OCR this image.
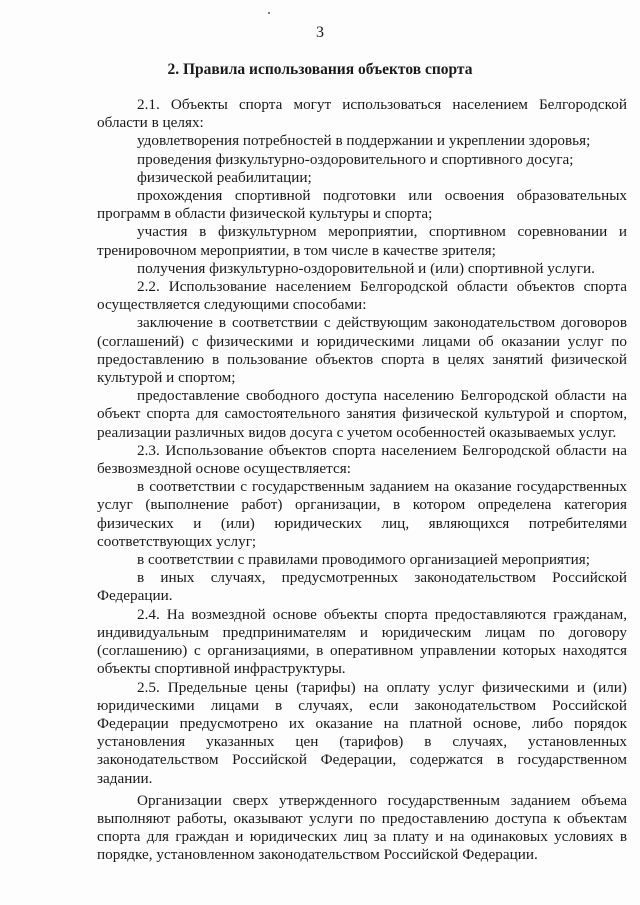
3
2. Правила использования объектов спорта

2.1. Объекты спорта могут использоваться населением Белгородской области в целях:

удовлетворения потребностей в поддержании и укреплении здоровья;

проведения физкультурно-оздоровительного и спортивного досуга;

физической реабилитации;

прохождения спортивной подготовки или освоения образовательных программ в области физической культуры и спорта;

участия в физкультурном мероприятии, спортивном соревновании и тренировочном мероприятии, в том числе в качестве зрителя;

получения физкультурно-оздоровительной и (или) спортивной услуги.

2.2. Использование населением Белгородской области объектов спорта осуществляется следующими способами:

заключение в соответствии с действующим законодательством договоров (соглашений) с физическими и юридическими лицами об оказании услуг по предоставлению в пользование объектов спорта в целях занятий физической культурой и спортом;

предоставление свободного доступа населению Белгородской области на объект спорта для самостоятельного занятия физической культурой и спортом, реализации различных видов досуга с учетом особенностей оказываемых услуг.

2.3. Использование объектов спорта населением Белгородской области на безвозмездной основе осуществляется:

в соответствии с государственным заданием на оказание государственных услуг (выполнение работ) организации, в котором определена категория физических и (или) юридических лиц, являющихся потребителями соответствующих услуг;

в соответствии с правилами проводимого организацией мероприятия;

в иных случаях, предусмотренных законодательством Российской Федерации.

2.4. На возмездной основе объекты спорта предоставляются гражданам, индивидуальным предпринимателям и юридическим лицам по договору (соглашению) с организациями, в оперативном управлении которых находятся объекты спортивной инфраструктуры.

2.5. Предельные цены (тарифы) на оплату услуг физическими и (или) юридическими лицами в случаях, если законодательством Российской Федерации предусмотрено их оказание на платной основе, либо порядок установления указанных цен (тарифов) в случаях, установленных законодательством Российской Федерации, содержатся в государственном задании.

Организации сверх утвержденного государственным заданием объема выполняют работы, оказывают услуги по предоставлению доступа к объектам спорта для граждан и юридических лиц за плату и на одинаковых условиях в порядке, установленном законодательством Российской Федерации.
